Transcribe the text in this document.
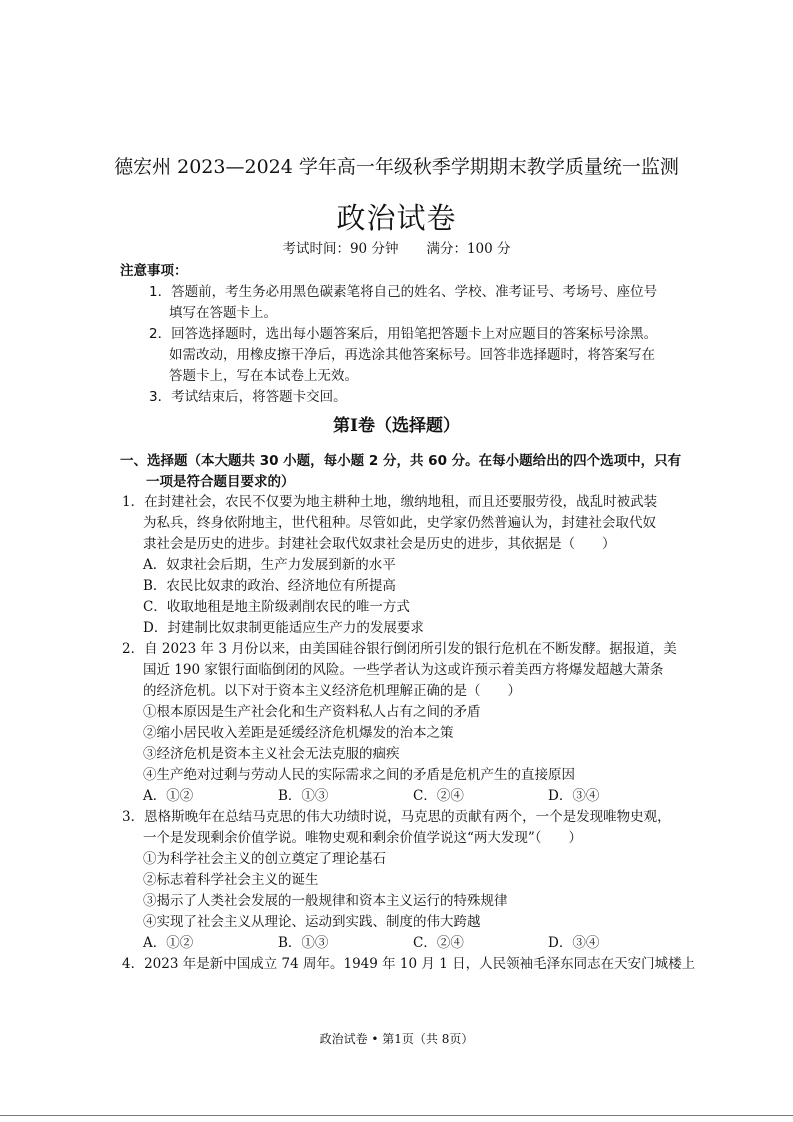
德宏州 2023—2024 学年高一年级秋季学期期末教学质量统一监测
政治试卷
考试时间：90 分钟 满分：100 分
注意事项：
1．答题前，考生务必用黑色碳素笔将自己的姓名、学校、准考证号、考场号、座位号
填写在答题卡上。
2．回答选择题时，选出每小题答案后，用铅笔把答题卡上对应题目的答案标号涂黑。
如需改动，用橡皮擦干净后，再选涂其他答案标号。回答非选择题时，将答案写在
答题卡上，写在本试卷上无效。
3．考试结束后，将答题卡交回。
第Ⅰ卷（选择题）
一、选择题（本大题共 30 小题，每小题 2 分，共 60 分。在每小题给出的四个选项中，只有
一项是符合题目要求的）
1．在封建社会，农民不仅要为地主耕种土地，缴纳地租，而且还要服劳役，战乱时被武装
为私兵，终身依附地主，世代租种。尽管如此，史学家仍然普遍认为，封建社会取代奴
隶社会是历史的进步。封建社会取代奴隶社会是历史的进步，其依据是（　　）
A．奴隶社会后期，生产力发展到新的水平
B．农民比奴隶的政治、经济地位有所提高
C．收取地租是地主阶级剥削农民的唯一方式
D．封建制比奴隶制更能适应生产力的发展要求
2．自 2023 年 3 月份以来，由美国硅谷银行倒闭所引发的银行危机在不断发酵。据报道，美
国近 190 家银行面临倒闭的风险。一些学者认为这或许预示着美西方将爆发超越大萧条
的经济危机。以下对于资本主义经济危机理解正确的是（　　）
①根本原因是生产社会化和生产资料私人占有之间的矛盾
②缩小居民收入差距是延缓经济危机爆发的治本之策
③经济危机是资本主义社会无法克服的痼疾
④生产绝对过剩与劳动人民的实际需求之间的矛盾是危机产生的直接原因
A．①②	B．①③	C．②④	D．③④
3．恩格斯晚年在总结马克思的伟大功绩时说，马克思的贡献有两个，一个是发现唯物史观，
一个是发现剩余价值学说。唯物史观和剩余价值学说这“两大发现”（　　）
①为科学社会主义的创立奠定了理论基石
②标志着科学社会主义的诞生
③揭示了人类社会发展的一般规律和资本主义运行的特殊规律
④实现了社会主义从理论、运动到实践、制度的伟大跨越
A．①②	B．①③	C．②④	D．③④
4．2023 年是新中国成立 74 周年。1949 年 10 月 1 日，人民领袖毛泽东同志在天安门城楼上
政治试卷 • 第1页（共 8页）
